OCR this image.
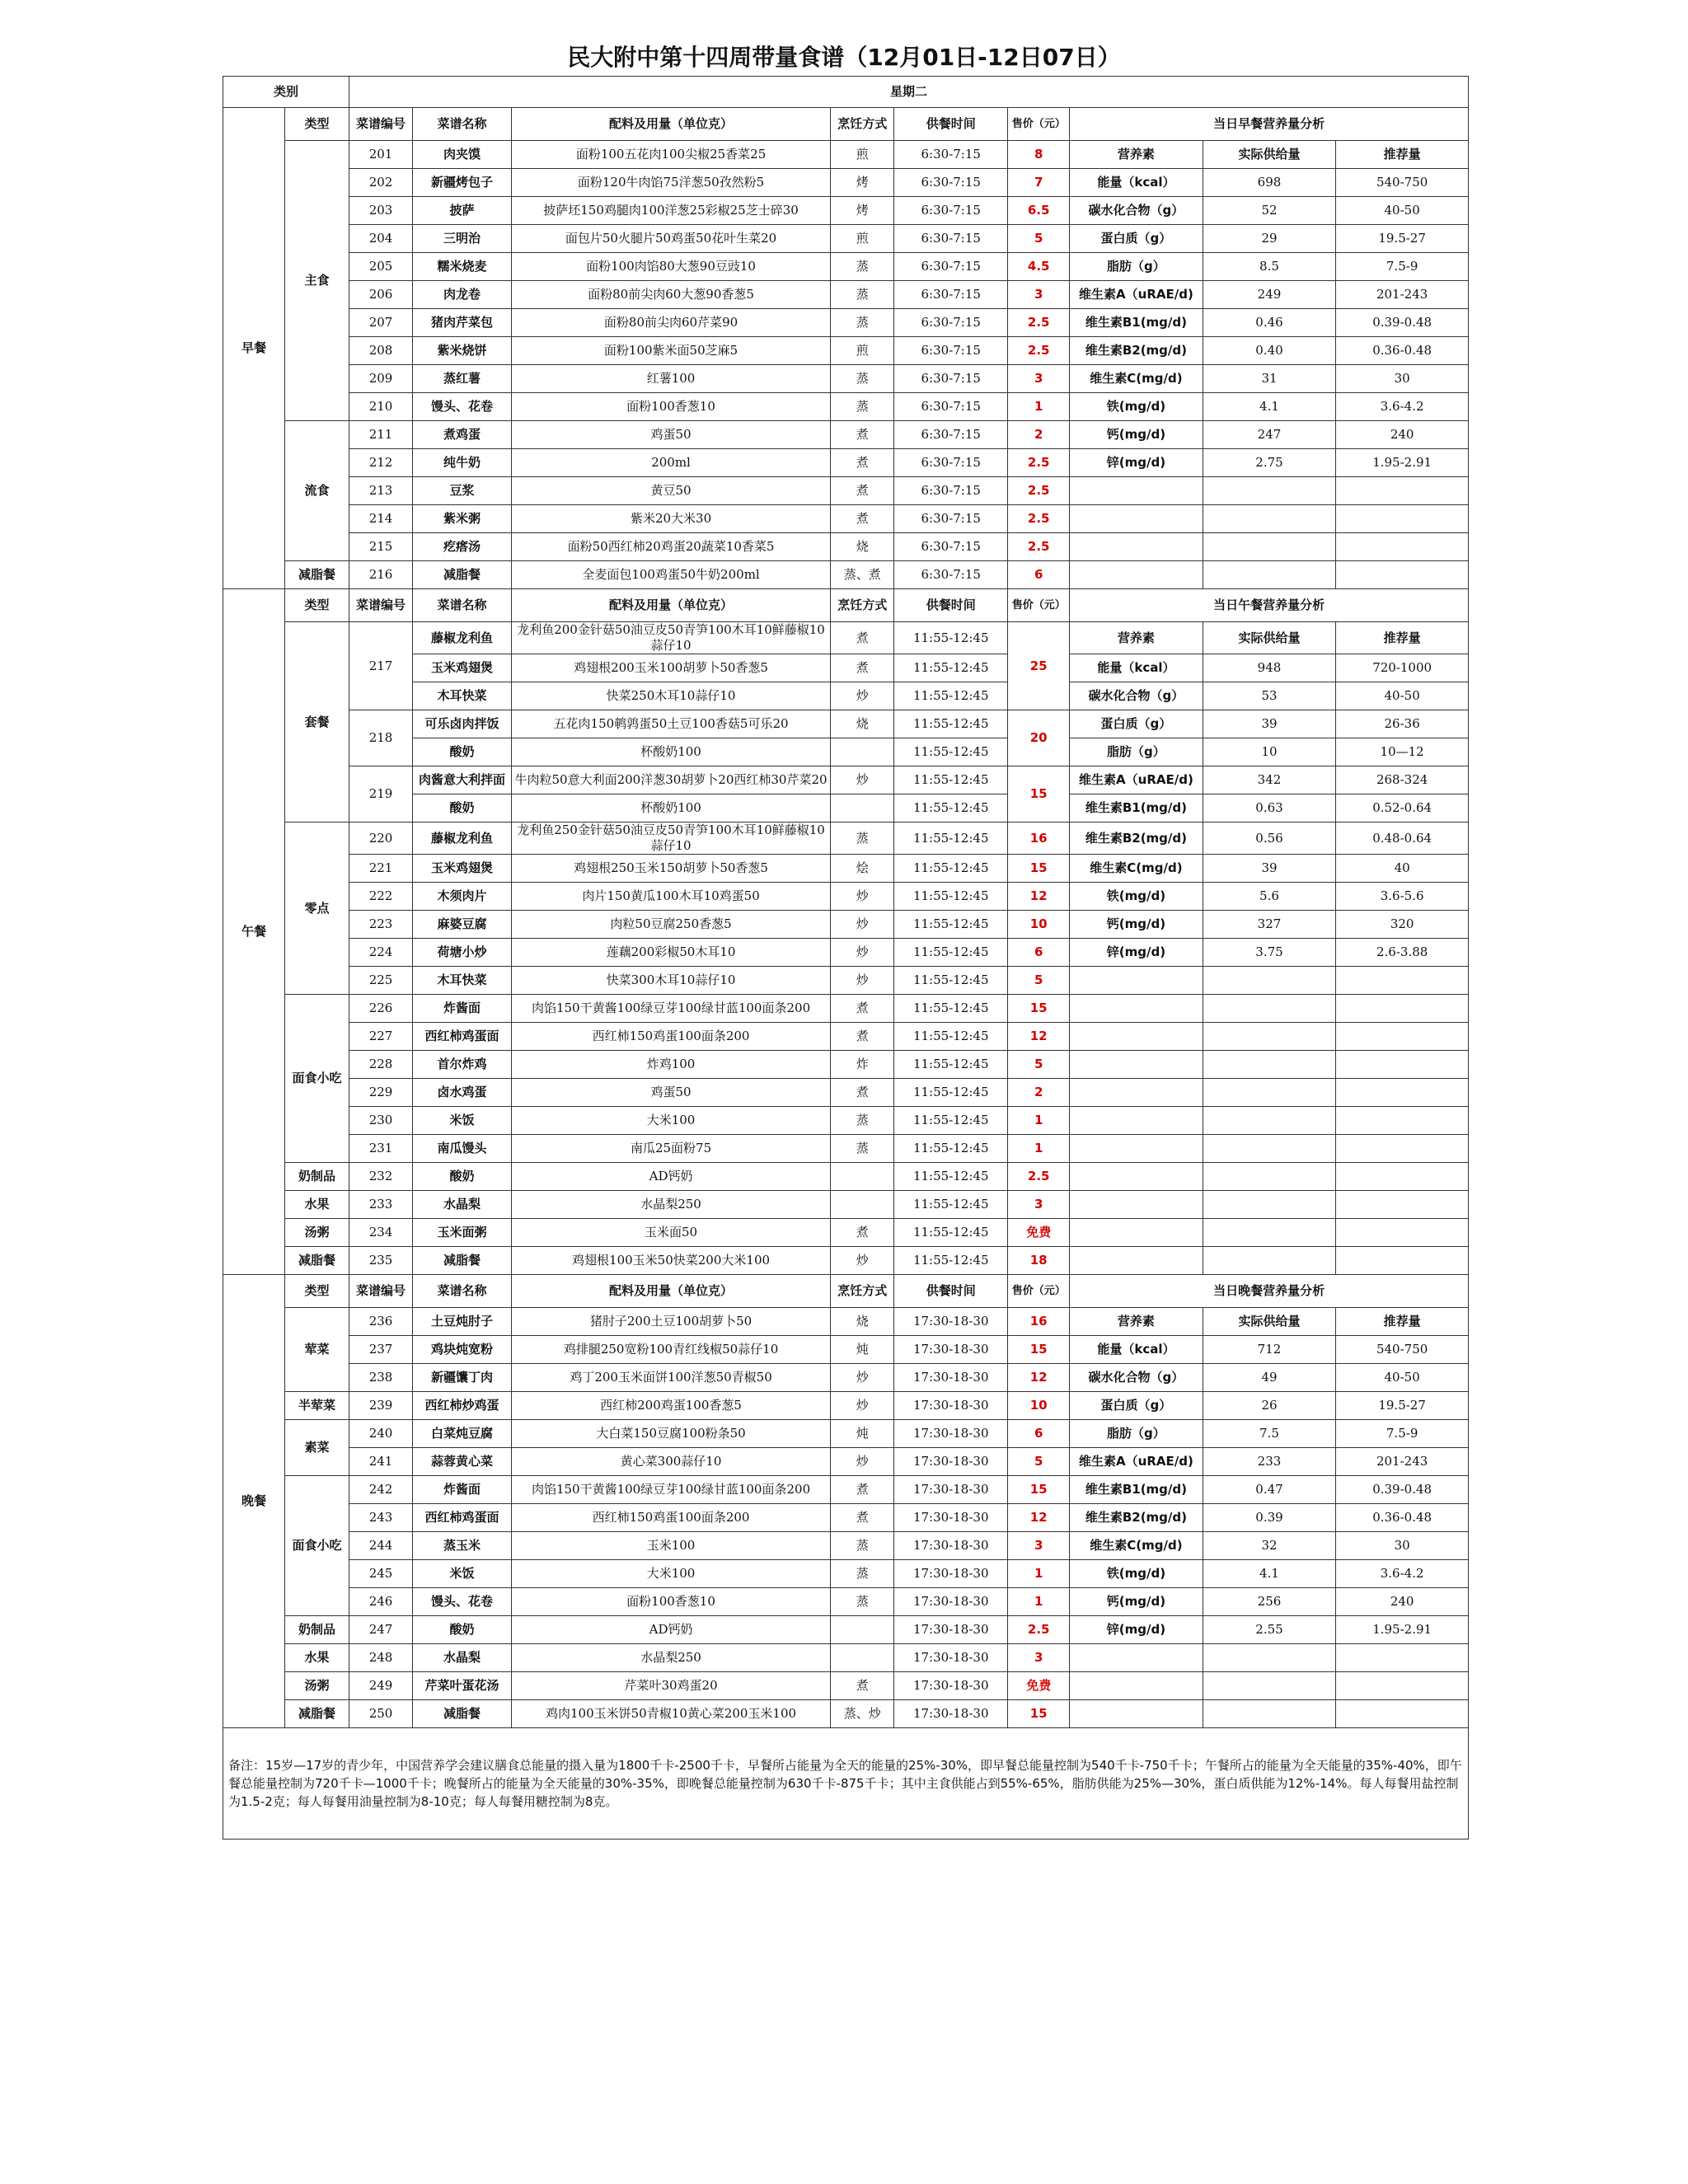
民大附中第十四周带量食谱（12月01日-12日07日）
类别		星期二								
早餐	类型	菜谱编号	菜谱名称	配料及用量（单位克）	烹饪方式	供餐时间	售价（元）	当日早餐营养量分析		
	主食	201	肉夹馍	面粉100五花肉100尖椒25香菜25	煎	6:30-7:15	8	营养素	实际供给量	推荐量
		202	新疆烤包子	面粉120牛肉馅75洋葱50孜然粉5	烤	6:30-7:15	7	能量（kcal）	698	540-750
		203	披萨	披萨坯150鸡腿肉100洋葱25彩椒25芝士碎30	烤	6:30-7:15	6.5	碳水化合物（g）	52	40-50
		204	三明治	面包片50火腿片50鸡蛋50花叶生菜20	煎	6:30-7:15	5	蛋白质（g）	29	19.5-27
		205	糯米烧麦	面粉100肉馅80大葱90豆豉10	蒸	6:30-7:15	4.5	脂肪（g）	8.5	7.5-9
		206	肉龙卷	面粉80前尖肉60大葱90香葱5	蒸	6:30-7:15	3	维生素A（uRAE/d)	249	201-243
		207	猪肉芹菜包	面粉80前尖肉60芹菜90	蒸	6:30-7:15	2.5	维生素B1(mg/d)	0.46	0.39-0.48
		208	紫米烧饼	面粉100紫米面50芝麻5	煎	6:30-7:15	2.5	维生素B2(mg/d)	0.40	0.36-0.48
		209	蒸红薯	红薯100	蒸	6:30-7:15	3	维生素C(mg/d)	31	30
		210	馒头、花卷	面粉100香葱10	蒸	6:30-7:15	1	铁(mg/d)	4.1	3.6-4.2
	流食	211	煮鸡蛋	鸡蛋50	煮	6:30-7:15	2	钙(mg/d)	247	240
		212	纯牛奶	200ml	煮	6:30-7:15	2.5	锌(mg/d)	2.75	1.95-2.91
		213	豆浆	黄豆50	煮	6:30-7:15	2.5			
		214	紫米粥	紫米20大米30	煮	6:30-7:15	2.5			
		215	疙瘩汤	面粉50西红柿20鸡蛋20蔬菜10香菜5	烧	6:30-7:15	2.5			
	减脂餐	216	减脂餐	全麦面包100鸡蛋50牛奶200ml	蒸、煮	6:30-7:15	6			
午餐	类型	菜谱编号	菜谱名称	配料及用量（单位克）	烹饪方式	供餐时间	售价（元）	当日午餐营养量分析		
	套餐	217	藤椒龙利鱼	龙利鱼200金针菇50油豆皮50青笋100木耳10鲜藤椒10蒜仔10	煮	11:55-12:45	25	营养素	实际供给量	推荐量
			玉米鸡翅煲	鸡翅根200玉米100胡萝卜50香葱5	煮	11:55-12:45		能量（kcal）	948	720-1000
			木耳快菜	快菜250木耳10蒜仔10	炒	11:55-12:45		碳水化合物（g）	53	40-50
		218	可乐卤肉拌饭	五花肉150鹌鹑蛋50土豆100香菇5可乐20	烧	11:55-12:45	20	蛋白质（g）	39	26-36
			酸奶	杯酸奶100		11:55-12:45		脂肪（g）	10	10—12
		219	肉酱意大利拌面	牛肉粒50意大利面200洋葱30胡萝卜20西红柿30芹菜20	炒	11:55-12:45	15	维生素A（uRAE/d)	342	268-324
			酸奶	杯酸奶100		11:55-12:45		维生素B1(mg/d)	0.63	0.52-0.64
	零点	220	藤椒龙利鱼	龙利鱼250金针菇50油豆皮50青笋100木耳10鲜藤椒10蒜仔10	蒸	11:55-12:45	16	维生素B2(mg/d)	0.56	0.48-0.64
		221	玉米鸡翅煲	鸡翅根250玉米150胡萝卜50香葱5	烩	11:55-12:45	15	维生素C(mg/d)	39	40
		222	木须肉片	肉片150黄瓜100木耳10鸡蛋50	炒	11:55-12:45	12	铁(mg/d)	5.6	3.6-5.6
		223	麻婆豆腐	肉粒50豆腐250香葱5	炒	11:55-12:45	10	钙(mg/d)	327	320
		224	荷塘小炒	莲藕200彩椒50木耳10	炒	11:55-12:45	6	锌(mg/d)	3.75	2.6-3.88
		225	木耳快菜	快菜300木耳10蒜仔10	炒	11:55-12:45	5			
	面食小吃	226	炸酱面	肉馅150干黄酱100绿豆芽100绿甘蓝100面条200	煮	11:55-12:45	15			
		227	西红柿鸡蛋面	西红柿150鸡蛋100面条200	煮	11:55-12:45	12			
		228	首尔炸鸡	炸鸡100	炸	11:55-12:45	5			
		229	卤水鸡蛋	鸡蛋50	煮	11:55-12:45	2			
		230	米饭	大米100	蒸	11:55-12:45	1			
		231	南瓜馒头	南瓜25面粉75	蒸	11:55-12:45	1			
	奶制品	232	酸奶	AD钙奶		11:55-12:45	2.5			
	水果	233	水晶梨	水晶梨250		11:55-12:45	3			
	汤粥	234	玉米面粥	玉米面50	煮	11:55-12:45	免费			
	减脂餐	235	减脂餐	鸡翅根100玉米50快菜200大米100	炒	11:55-12:45	18			
晚餐	类型	菜谱编号	菜谱名称	配料及用量（单位克）	烹饪方式	供餐时间	售价（元）	当日晚餐营养量分析		
	荤菜	236	土豆炖肘子	猪肘子200土豆100胡萝卜50	烧	17:30-18-30	16	营养素	实际供给量	推荐量
		237	鸡块炖宽粉	鸡排腿250宽粉100青红线椒50蒜仔10	炖	17:30-18-30	15	能量（kcal）	712	540-750
		238	新疆馕丁肉	鸡丁200玉米面饼100洋葱50青椒50	炒	17:30-18-30	12	碳水化合物（g）	49	40-50
	半荤菜	239	西红柿炒鸡蛋	西红柿200鸡蛋100香葱5	炒	17:30-18-30	10	蛋白质（g）	26	19.5-27
	素菜	240	白菜炖豆腐	大白菜150豆腐100粉条50	炖	17:30-18-30	6	脂肪（g）	7.5	7.5-9
		241	蒜蓉黄心菜	黄心菜300蒜仔10	炒	17:30-18-30	5	维生素A（uRAE/d)	233	201-243
	面食小吃	242	炸酱面	肉馅150干黄酱100绿豆芽100绿甘蓝100面条200	煮	17:30-18-30	15	维生素B1(mg/d)	0.47	0.39-0.48
		243	西红柿鸡蛋面	西红柿150鸡蛋100面条200	煮	17:30-18-30	12	维生素B2(mg/d)	0.39	0.36-0.48
		244	蒸玉米	玉米100	蒸	17:30-18-30	3	维生素C(mg/d)	32	30
		245	米饭	大米100	蒸	17:30-18-30	1	铁(mg/d)	4.1	3.6-4.2
		246	馒头、花卷	面粉100香葱10	蒸	17:30-18-30	1	钙(mg/d)	256	240
	奶制品	247	酸奶	AD钙奶		17:30-18-30	2.5	锌(mg/d)	2.55	1.95-2.91
	水果	248	水晶梨	水晶梨250		17:30-18-30	3			
	汤粥	249	芹菜叶蛋花汤	芹菜叶30鸡蛋20	煮	17:30-18-30	免费			
	减脂餐	250	减脂餐	鸡肉100玉米饼50青椒10黄心菜200玉米100	蒸、炒	17:30-18-30	15			
备注：15岁—17岁的青少年，中国营养学会建议膳食总能量的摄入量为1800千卡-2500千卡，早餐所占能量为全天的能量的25%-30%，即早餐总能量控制为540千卡-750千卡；午餐所占的能量为全天能量的35%-40%，即午餐总能量控制为720千卡—1000千卡；晚餐所占的能量为全天能量的30%-35%，即晚餐总能量控制为630千卡-875千卡；其中主食供能占到55%-65%，脂肪供能为25%—30%，蛋白质供能为12%-14%。每人每餐用盐控制为1.5-2克；每人每餐用油量控制为8-10克；每人每餐用糖控制为8克。										
